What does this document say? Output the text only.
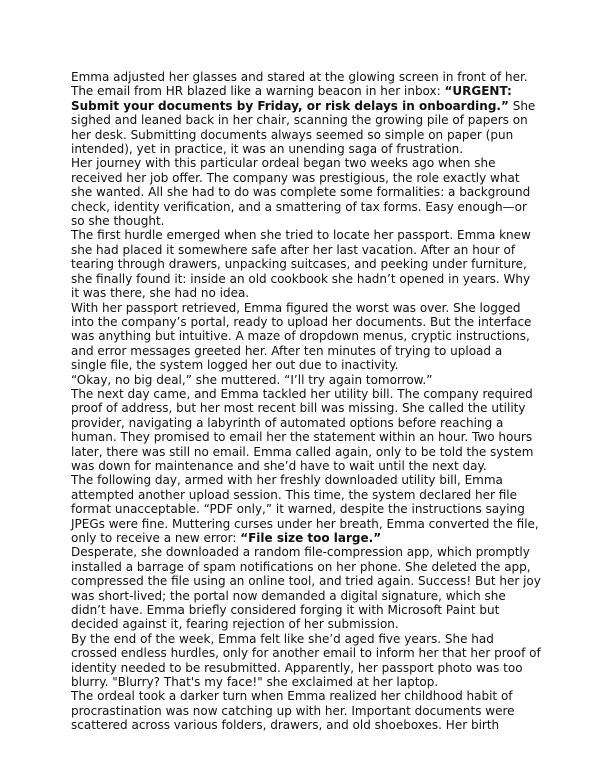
Emma adjusted her glasses and stared at the glowing screen in front of her. The email from HR blazed like a warning beacon in her inbox: “URGENT: Submit your documents by Friday, or risk delays in onboarding.” She sighed and leaned back in her chair, scanning the growing pile of papers on her desk. Submitting documents always seemed so simple on paper (pun intended), yet in practice, it was an unending saga of frustration.

Her journey with this particular ordeal began two weeks ago when she received her job offer. The company was prestigious, the role exactly what she wanted. All she had to do was complete some formalities: a background check, identity verification, and a smattering of tax forms. Easy enough—or so she thought.

The first hurdle emerged when she tried to locate her passport. Emma knew she had placed it somewhere safe after her last vacation. After an hour of tearing through drawers, unpacking suitcases, and peeking under furniture, she finally found it: inside an old cookbook she hadn’t opened in years. Why it was there, she had no idea.

With her passport retrieved, Emma figured the worst was over. She logged into the company’s portal, ready to upload her documents. But the interface was anything but intuitive. A maze of dropdown menus, cryptic instructions, and error messages greeted her. After ten minutes of trying to upload a single file, the system logged her out due to inactivity.

“Okay, no big deal,” she muttered. “I’ll try again tomorrow.”

The next day came, and Emma tackled her utility bill. The company required proof of address, but her most recent bill was missing. She called the utility provider, navigating a labyrinth of automated options before reaching a human. They promised to email her the statement within an hour. Two hours later, there was still no email. Emma called again, only to be told the system was down for maintenance and she’d have to wait until the next day.

The following day, armed with her freshly downloaded utility bill, Emma attempted another upload session. This time, the system declared her file format unacceptable. “PDF only,” it warned, despite the instructions saying JPEGs were fine. Muttering curses under her breath, Emma converted the file, only to receive a new error: “File size too large.”

Desperate, she downloaded a random file-compression app, which promptly installed a barrage of spam notifications on her phone. She deleted the app, compressed the file using an online tool, and tried again. Success! But her joy was short-lived; the portal now demanded a digital signature, which she didn’t have. Emma briefly considered forging it with Microsoft Paint but decided against it, fearing rejection of her submission.

By the end of the week, Emma felt like she’d aged five years. She had crossed endless hurdles, only for another email to inform her that her proof of identity needed to be resubmitted. Apparently, her passport photo was too blurry. "Blurry? That's my face!" she exclaimed at her laptop.

The ordeal took a darker turn when Emma realized her childhood habit of procrastination was now catching up with her. Important documents were scattered across various folders, drawers, and old shoeboxes. Her birth
